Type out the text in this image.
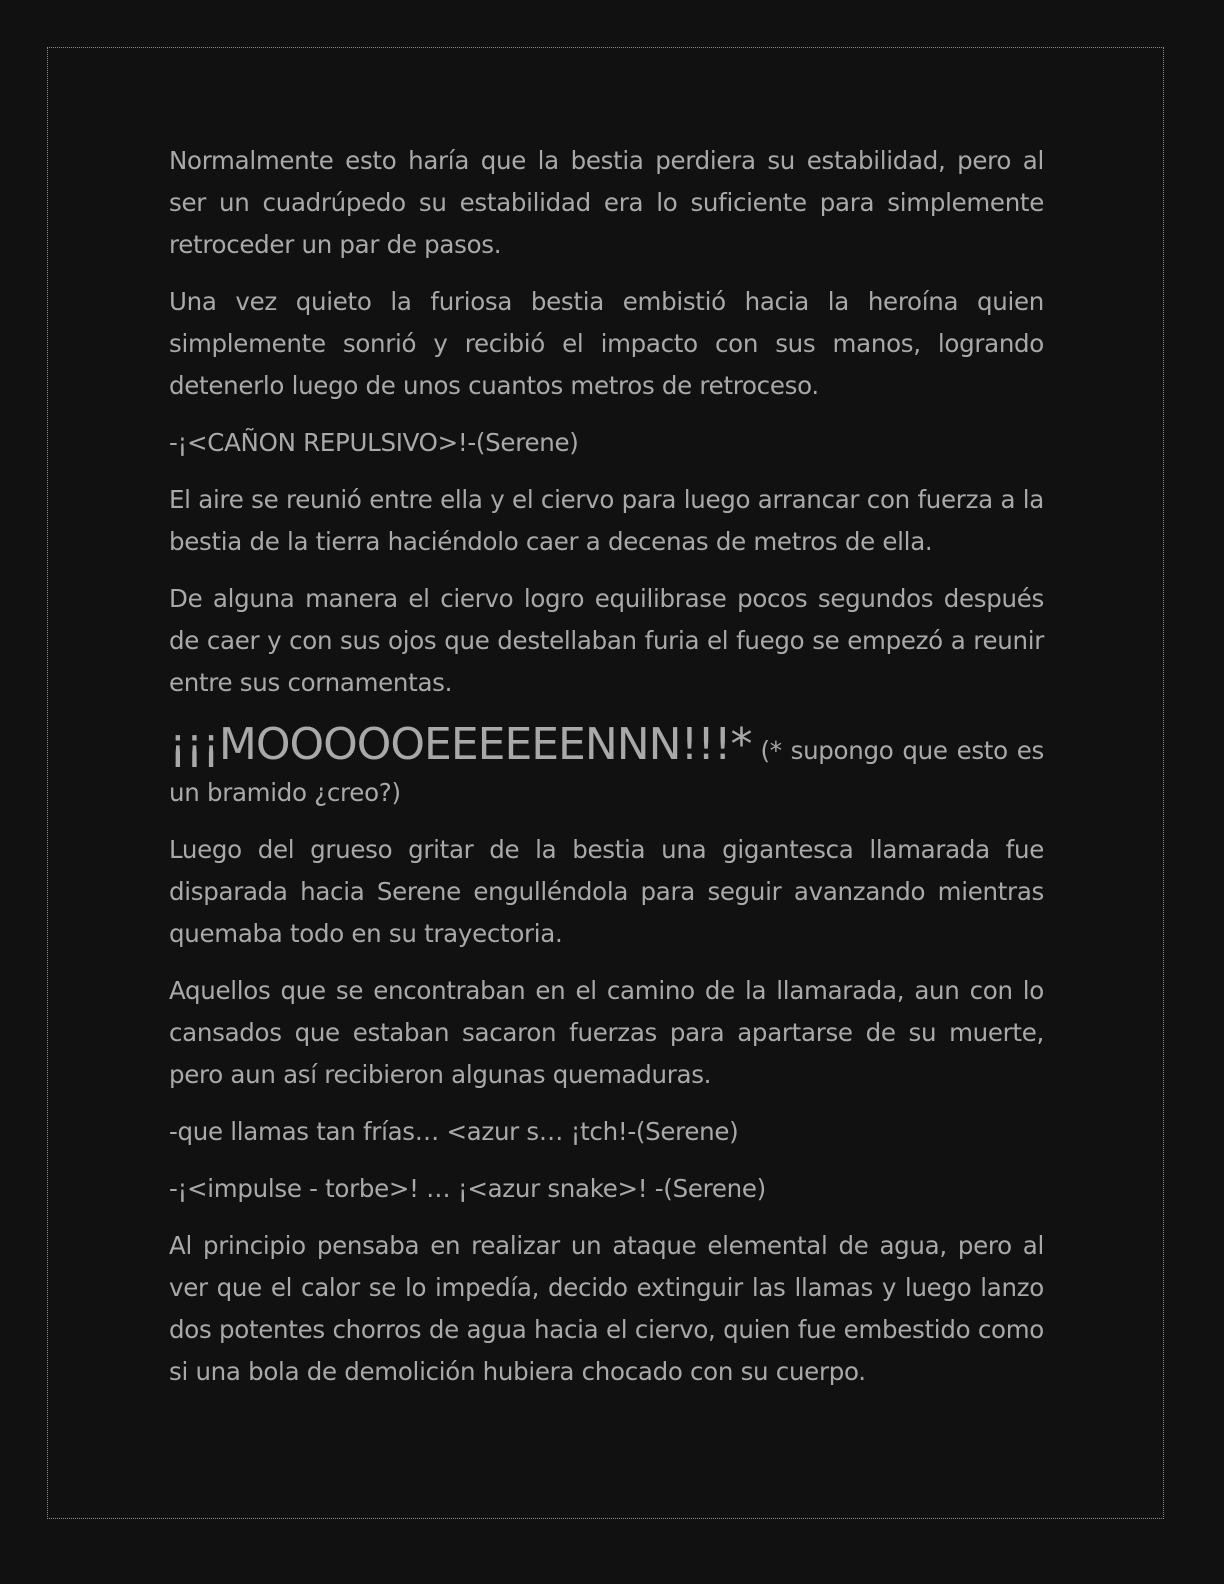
Normalmente esto haría que la bestia perdiera su estabilidad, pero al ser un cuadrúpedo su estabilidad era lo suficiente para simplemente retroceder un par de pasos.

Una vez quieto la furiosa bestia embistió hacia la heroína quien simplemente sonrió y recibió el impacto con sus manos, logrando detenerlo luego de unos cuantos metros de retroceso.

-¡<CAÑON REPULSIVO>!-(Serene)

El aire se reunió entre ella y el ciervo para luego arrancar con fuerza a la bestia de la tierra haciéndolo caer a decenas de metros de ella.

De alguna manera el ciervo logro equilibrase pocos segundos después de caer y con sus ojos que destellaban furia el fuego se empezó a reunir entre sus cornamentas.

¡¡¡MOOOOOEEEEEENNN!!!* (* supongo que esto es un bramido ¿creo?)

Luego del grueso gritar de la bestia una gigantesca llamarada fue disparada hacia Serene engulléndola para seguir avanzando mientras quemaba todo en su trayectoria.

Aquellos que se encontraban en el camino de la llamarada, aun con lo cansados que estaban sacaron fuerzas para apartarse de su muerte, pero aun así recibieron algunas quemaduras.

-que llamas tan frías… <azur s… ¡tch!-(Serene)

-¡<impulse - torbe>! … ¡<azur snake>! -(Serene)

Al principio pensaba en realizar un ataque elemental de agua, pero al ver que el calor se lo impedía, decido extinguir las llamas y luego lanzo dos potentes chorros de agua hacia el ciervo, quien fue embestido como si una bola de demolición hubiera chocado con su cuerpo.
